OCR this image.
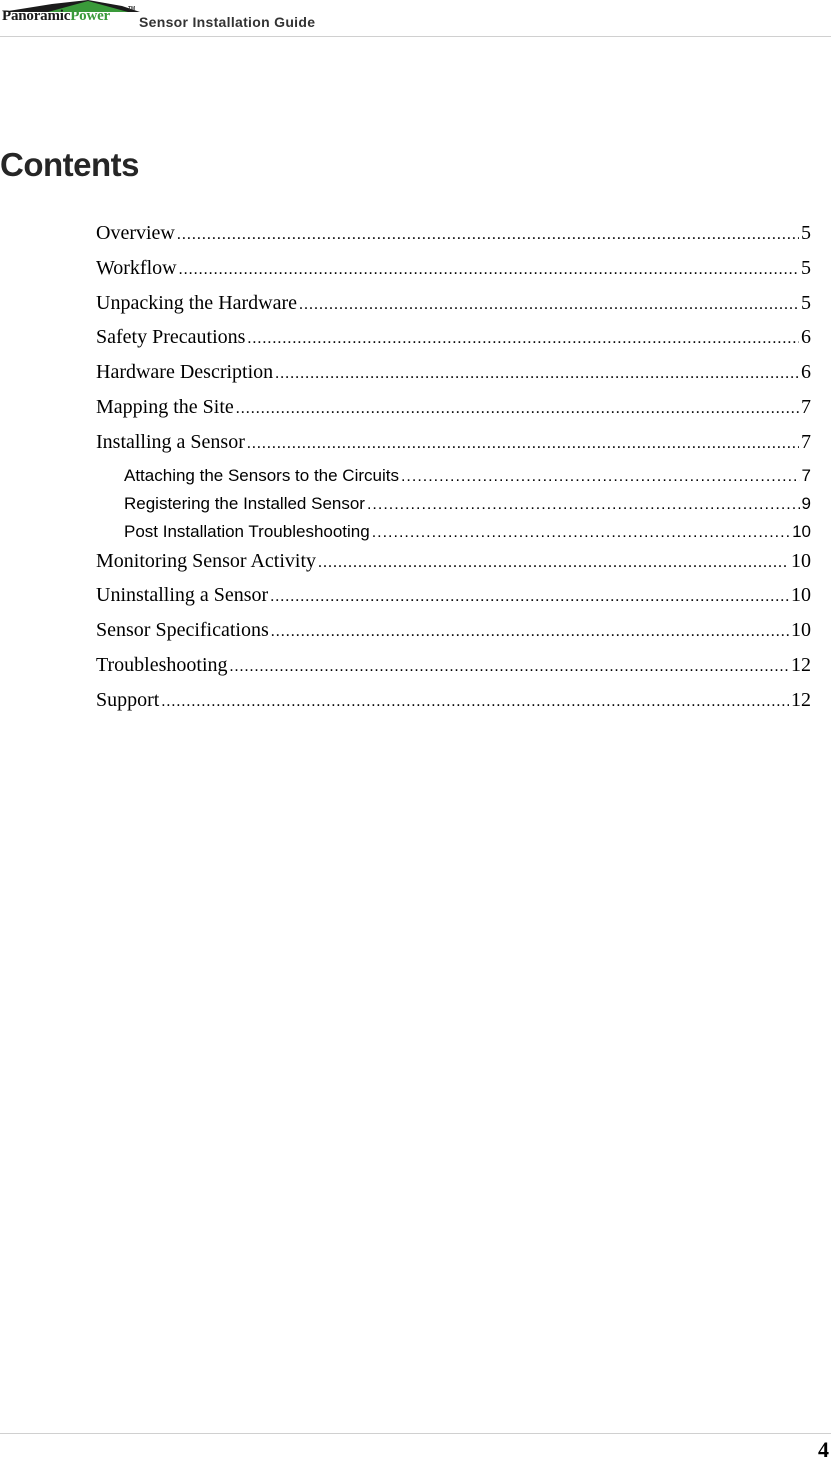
PanoramicPower	TM
Sensor Installation Guide
Contents
Overview .....	5
Workflow .....	5
Unpacking the Hardware .....	5
Safety Precautions .....	6
Hardware Description .....	6
Mapping the Site .....	7
Installing a Sensor .....	7
Attaching the Sensors to the Circuits .....	7
Registering the Installed Sensor .....	9
Post Installation Troubleshooting .....	10
Monitoring Sensor Activity .....	10
Uninstalling a Sensor .....	10
Sensor Specifications .....	10
Troubleshooting .....	12
Support .....	12
4
